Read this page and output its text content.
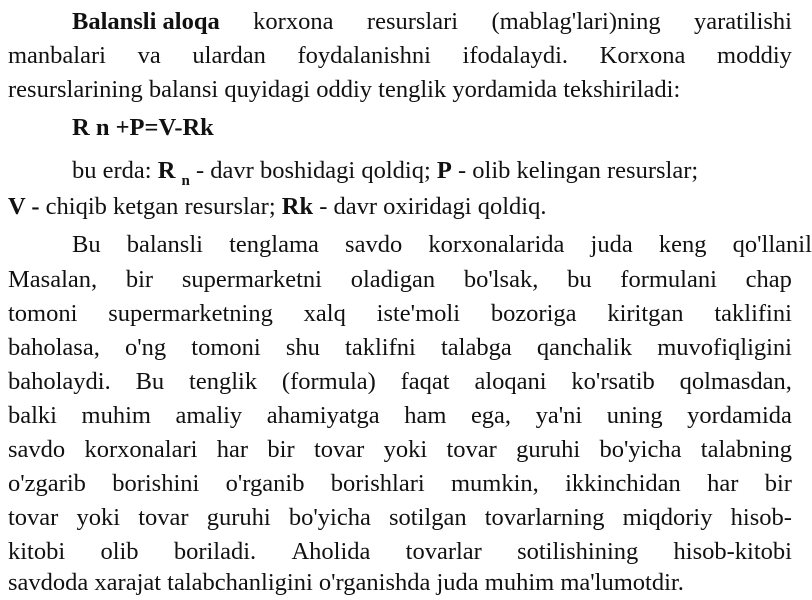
Balansli aloqa korxona resurslari (mablag'lari)ning yaratilishi
manbalari va ulardan foydalanishni ifodalaydi. Korxona moddiy
resurslarining balansi quyidagi oddiy tenglik yordamida tekshiriladi:
R n +P=V-Rk
bu erda: R $_n$ - davr boshidagi qoldiq; P - olib kelingan resurslar;
V - chiqib ketgan resurslar; Rk - davr oxiridagi qoldiq.
Bu balansli tenglama savdo korxonalarida juda keng qo'llanil
Masalan, bir supermarketni oladigan bo'lsak, bu formulani chap
tomoni supermarketning xalq iste'moli bozoriga kiritgan taklifini
baholasa, o'ng tomoni shu taklifni talabga qanchalik muvofiqligini
baholaydi. Bu tenglik (formula) faqat aloqani ko'rsatib qolmasdan,
balki muhim amaliy ahamiyatga ham ega, ya'ni uning yordamida
savdo korxonalari har bir tovar yoki tovar guruhi bo'yicha talabning
o'zgarib borishini o'rganib borishlari mumkin, ikkinchidan har bir
tovar yoki tovar guruhi bo'yicha sotilgan tovarlarning miqdoriy hisob-
kitobi olib boriladi. Aholida tovarlar sotilishining hisob-kitobi
savdoda xarajat talabchanligini o'rganishda juda muhim ma'lumotdir.
